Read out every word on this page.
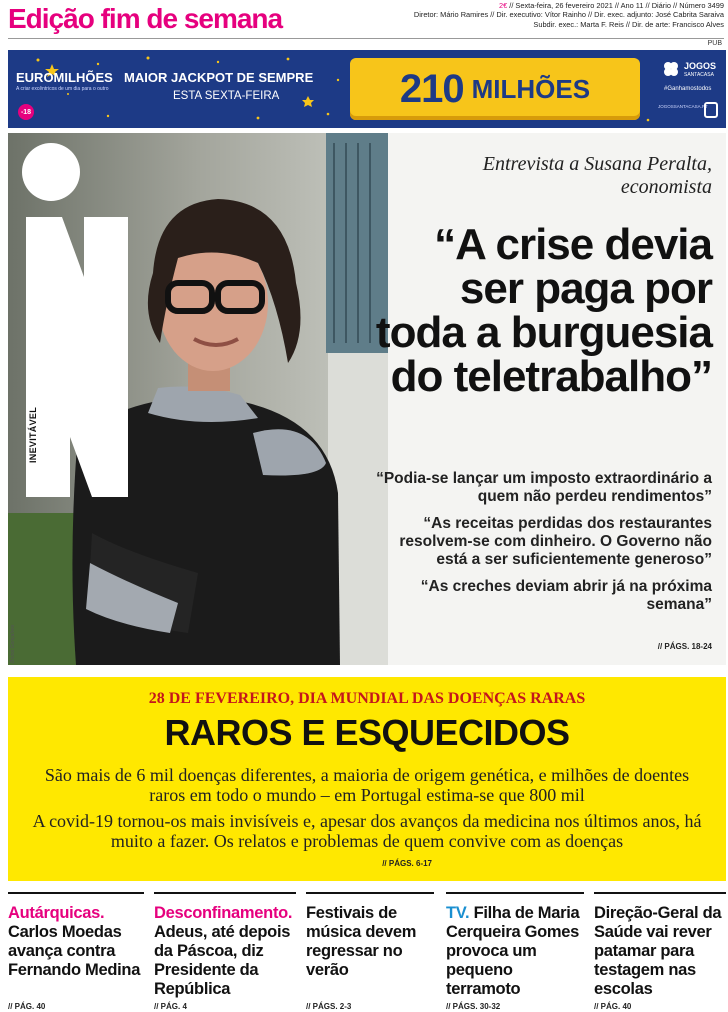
Edição fim de semana	2€ // Sexta-feira, 26 fevereiro 2021 // Ano 11 // Diário // Número 3499
Diretor: Mário Ramires // Dir. executivo: Vítor Rainho // Dir. exec. adjunto: José Cabrita Saraiva
Subdir. exec.: Marta F. Reis // Dir. de arte: Francisco Alves
PUB
EUROMILHÕES
A criar excêntricos de um dia para o outro
-18
MAIOR JACKPOT DE SEMPRE
ESTA SEXTA-FEIRA	210 MILHÕES
JOGOS
SANTACASA
#Ganhamostodos
JOGOSSANTACASA.PT
INEVITÁVEL
Bruno Gonçalves
Entrevista a Susana Peralta, economista
“A crise devia ser paga por toda a burguesia do teletrabalho”
“Podia-se lançar um imposto extraordinário a quem não perdeu rendimentos”
“As receitas perdidas dos restaurantes resolvem-se com dinheiro. O Governo não está a ser suficientemente generoso”
“As creches deviam abrir já na próxima semana”
// PÁGS. 18-24
28 DE FEVEREIRO, DIA MUNDIAL DAS DOENÇAS RARAS
RAROS E ESQUECIDOS
São mais de 6 mil doenças diferentes, a maioria de origem genética, e milhões de doentes raros em todo o mundo – em Portugal estima-se que 800 mil
A covid-19 tornou-os mais invisíveis e, apesar dos avanços da medicina nos últimos anos, há muito a fazer. Os relatos e problemas de quem convive com as doenças
// PÁGS. 6-17
Autárquicas. Carlos Moedas avança contra Fernando Medina
// PÁG. 40
Desconfinamento. Adeus, até depois da Páscoa, diz Presidente da República
// PÁG. 4
Festivais de música devem regressar no verão
// PÁGS. 2-3
TV. Filha de Maria Cerqueira Gomes provoca um pequeno terramoto
// PÁGS. 30-32
Direção-Geral da Saúde vai rever patamar para testagem nas escolas
// PÁG. 40
